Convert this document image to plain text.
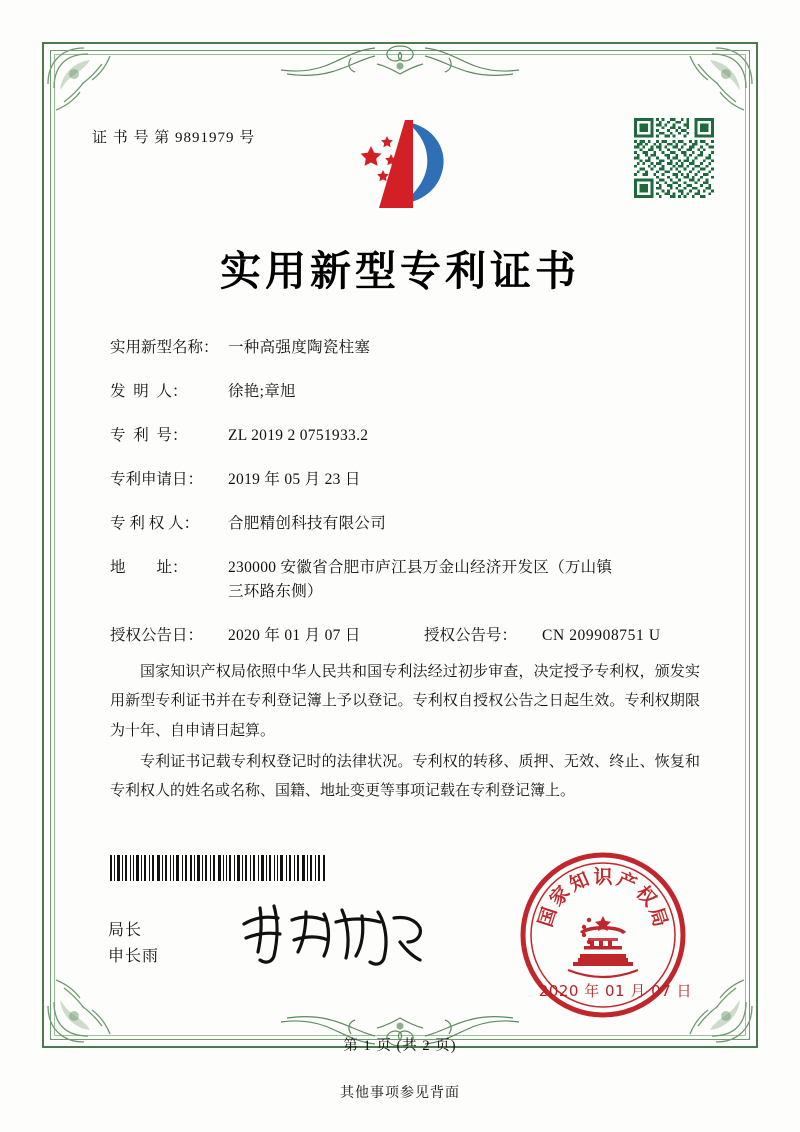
证 书 号 第 9891979 号
实用新型专利证书
实用新型名称： 一种高强度陶瓷柱塞
发  明  人：	徐艳;章旭
专  利  号：	ZL 2019 2 0751933.2
专利申请日：	2019 年 05 月 23 日
专 利 权 人：	合肥精创科技有限公司
地        址：	230000 安徽省合肥市庐江县万金山经济开发区（万山镇
三环路东侧）
授权公告日：	2020 年 01 月 07 日	授权公告号：	CN 209908751 U

国家知识产权局依照中华人民共和国专利法经过初步审查，决定授予专利权，颁发实用新型专利证书并在专利登记簿上予以登记。专利权自授权公告之日起生效。专利权期限为十年、自申请日起算。

专利证书记载专利权登记时的法律状况。专利权的转移、质押、无效、终止、恢复和专利权人的姓名或名称、国籍、地址变更等事项记载在专利登记簿上。

局长
申长雨
国
家
知 识 产
权
局
2020 年 01 月 07 日
第 1 页 (共 2 页)
其他事项参见背面
